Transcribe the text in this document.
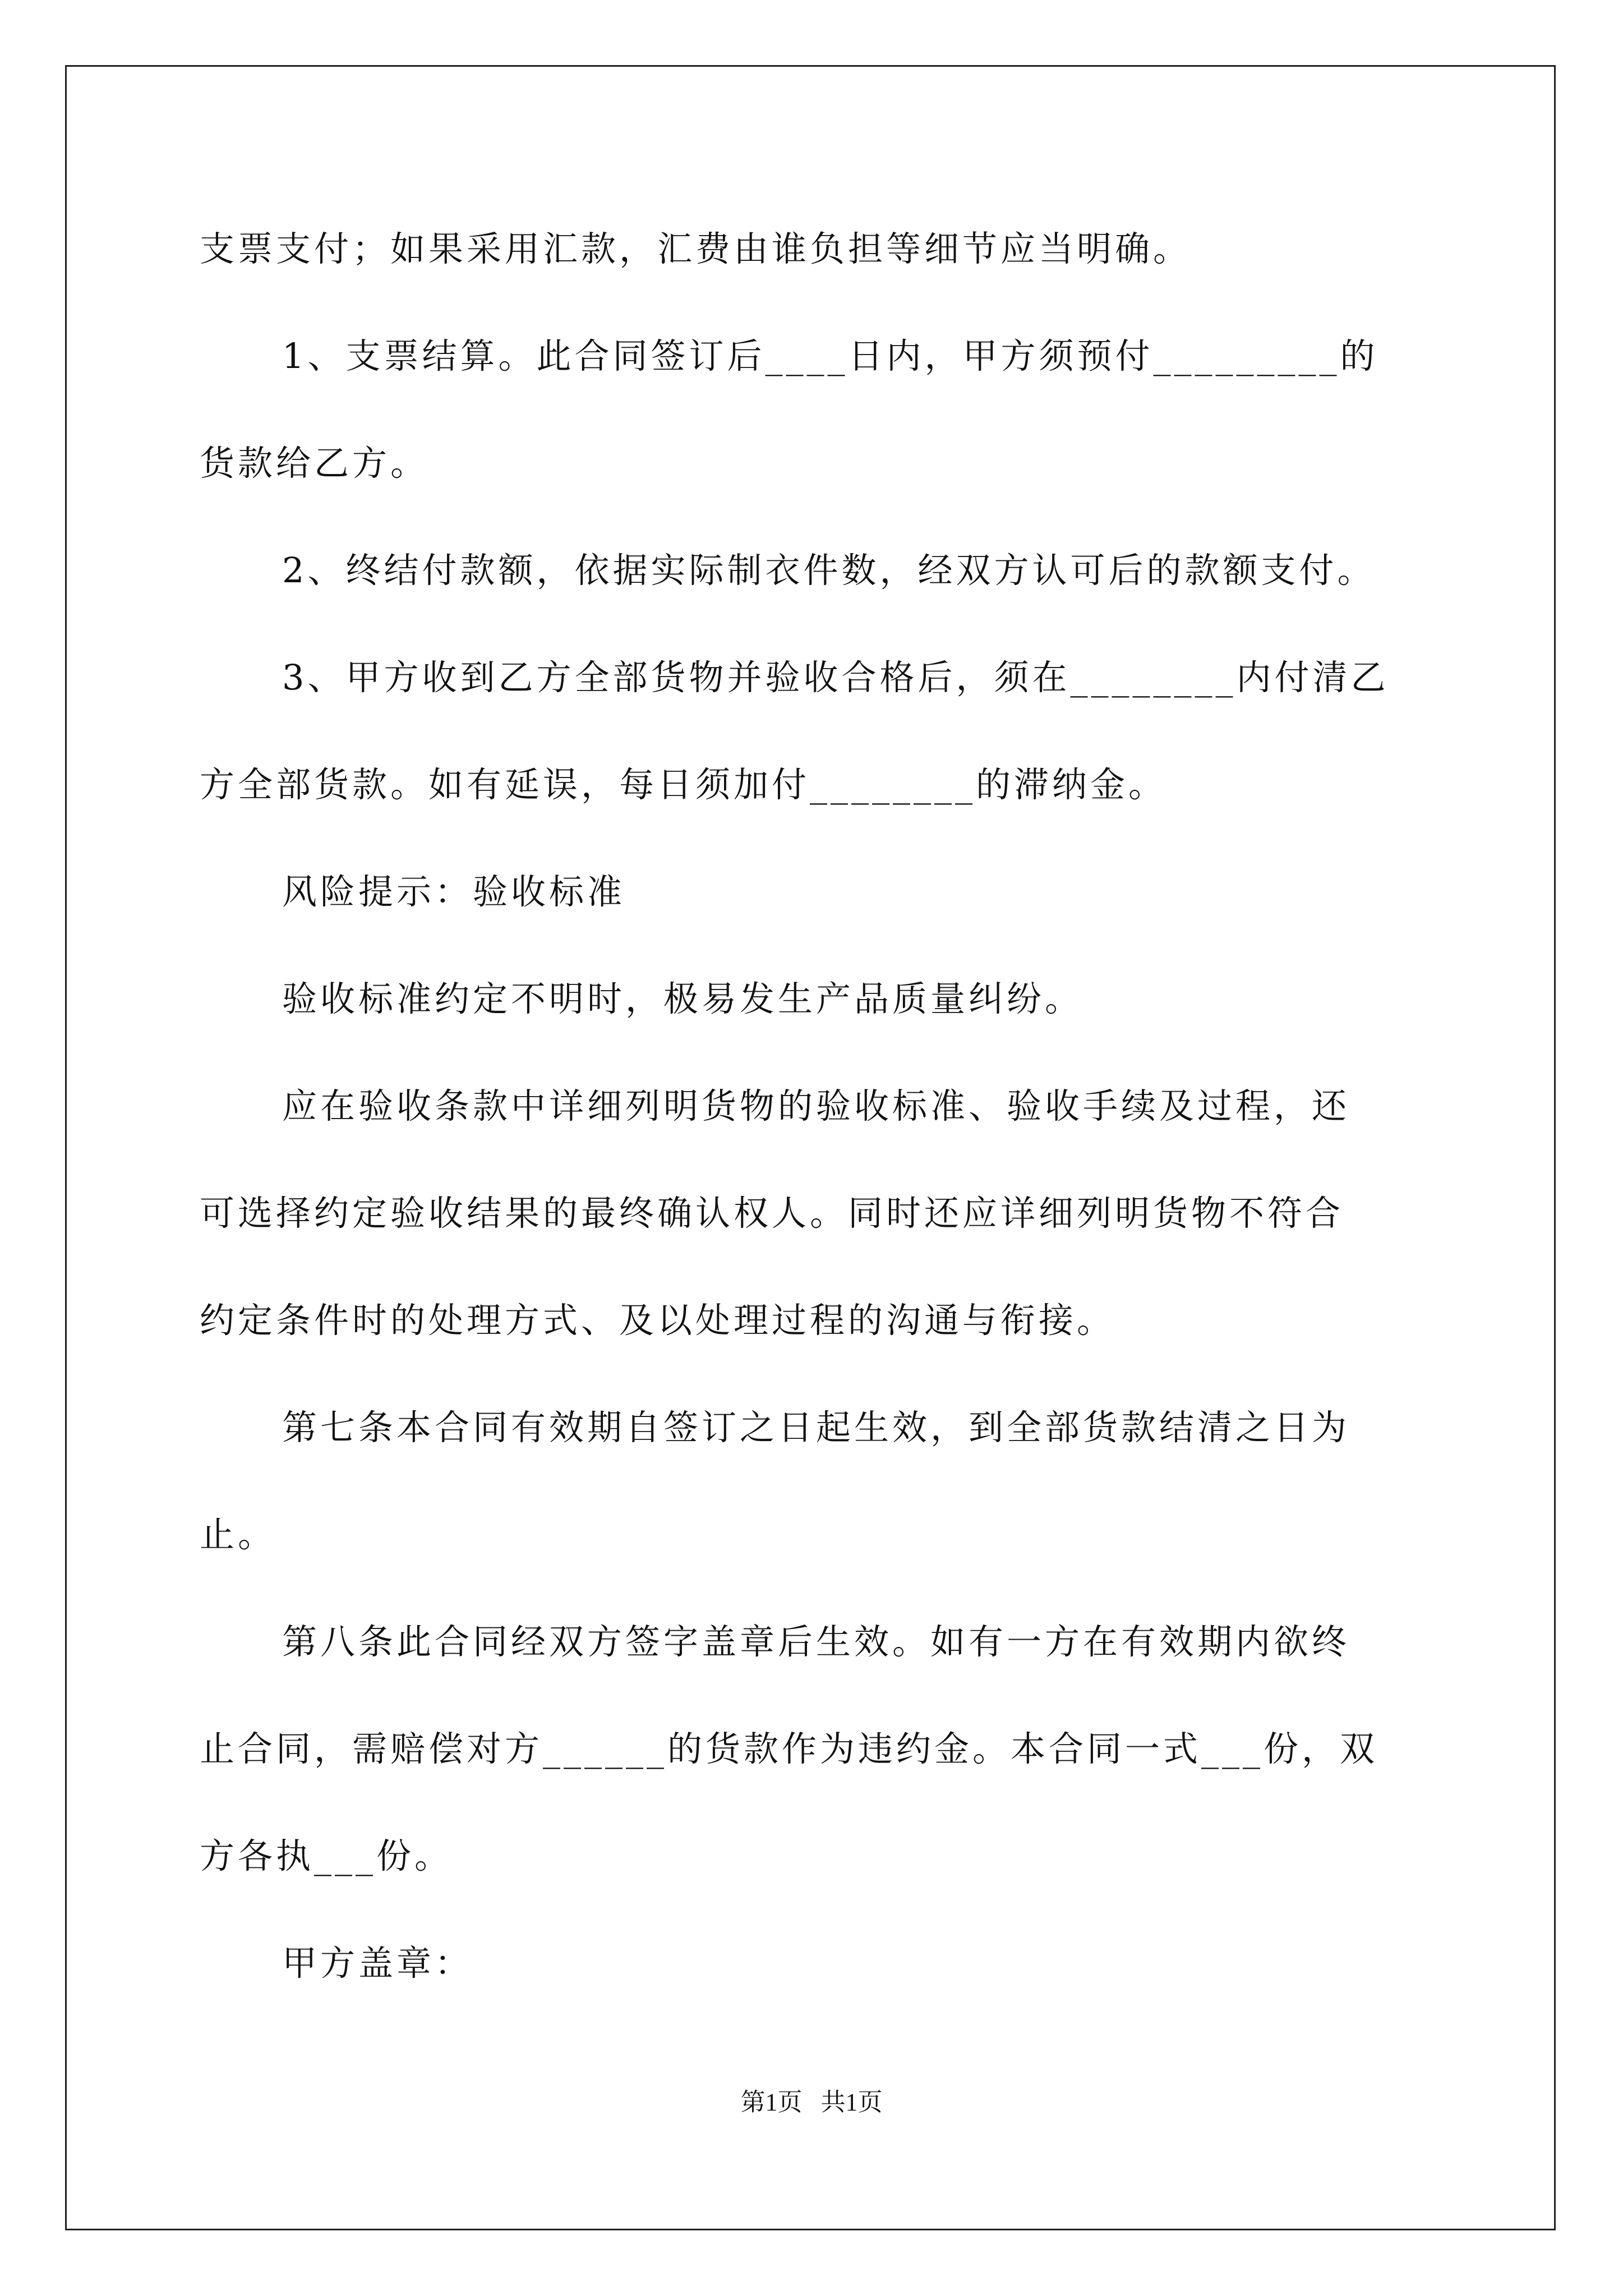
支票支付；如果采用汇款，汇费由谁负担等细节应当明确。
1、支票结算。此合同签订后____日内，甲方须预付_________的
货款给乙方。
2、终结付款额，依据实际制衣件数，经双方认可后的款额支付。
3、甲方收到乙方全部货物并验收合格后，须在________内付清乙
方全部货款。如有延误，每日须加付________的滞纳金。
风险提示：验收标准
验收标准约定不明时，极易发生产品质量纠纷。
应在验收条款中详细列明货物的验收标准、验收手续及过程，还
可选择约定验收结果的最终确认权人。同时还应详细列明货物不符合
约定条件时的处理方式、及以处理过程的沟通与衔接。
第七条本合同有效期自签订之日起生效，到全部货款结清之日为
止。
第八条此合同经双方签字盖章后生效。如有一方在有效期内欲终
止合同，需赔偿对方______的货款作为违约金。本合同一式___份，双
方各执___份。
甲方盖章：
第1页   共1页
